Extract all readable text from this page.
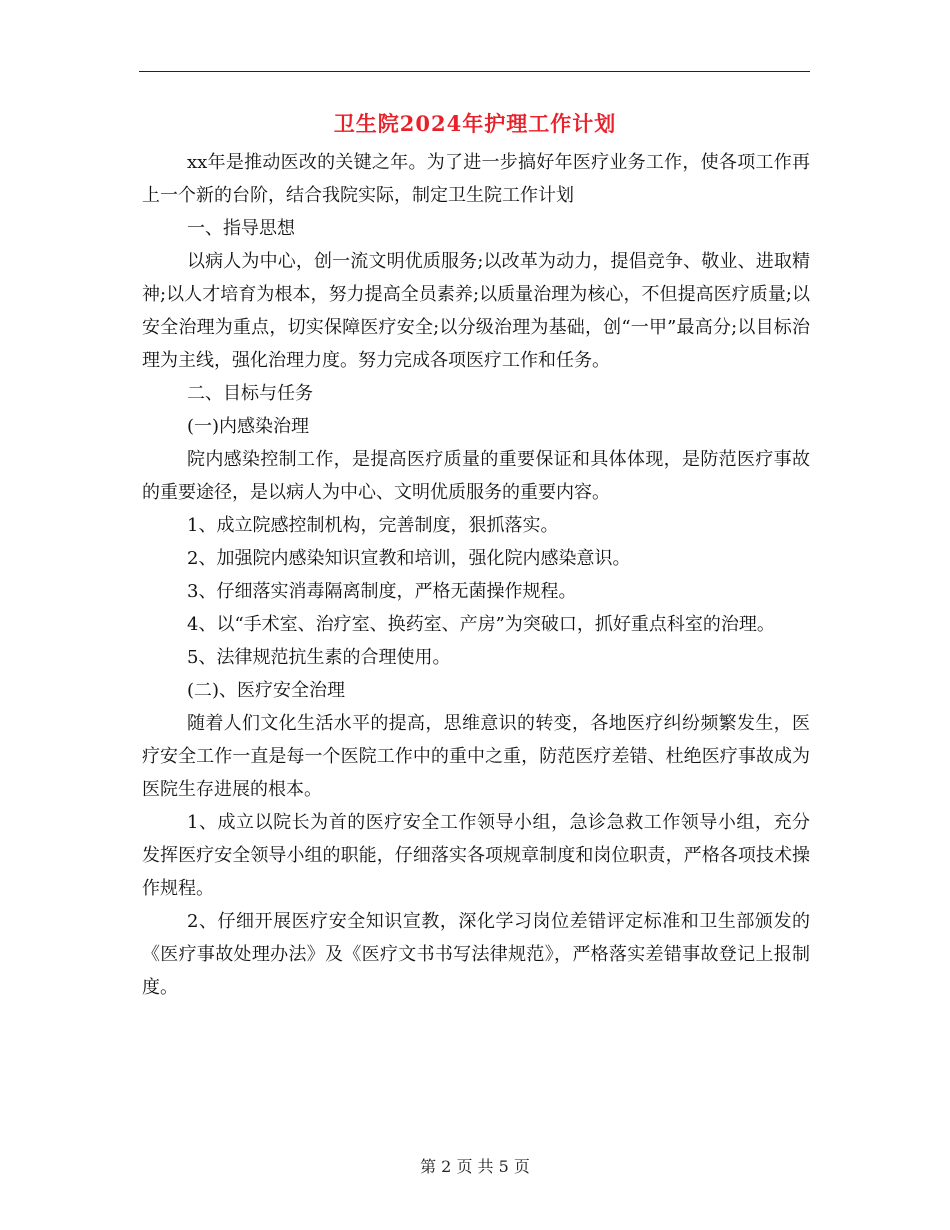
卫生院2024年护理工作计划

xx年是推动医改的关键之年。为了进一步搞好年医疗业务工作，使各项工作再上一个新的台阶，结合我院实际，制定卫生院工作计划

一、指导思想

以病人为中心，创一流文明优质服务;以改革为动力，提倡竞争、敬业、进取精神;以人才培育为根本，努力提高全员素养;以质量治理为核心，不但提高医疗质量;以安全治理为重点，切实保障医疗安全;以分级治理为基础，创“一甲”最高分;以目标治理为主线，强化治理力度。努力完成各项医疗工作和任务。

二、目标与任务

(一)内感染治理

院内感染控制工作，是提高医疗质量的重要保证和具体体现，是防范医疗事故的重要途径，是以病人为中心、文明优质服务的重要内容。

1、成立院感控制机构，完善制度，狠抓落实。

2、加强院内感染知识宣教和培训，强化院内感染意识。

3、仔细落实消毒隔离制度，严格无菌操作规程。

4、以“手术室、治疗室、换药室、产房”为突破口，抓好重点科室的治理。

5、法律规范抗生素的合理使用。

(二)、医疗安全治理

随着人们文化生活水平的提高，思维意识的转变，各地医疗纠纷频繁发生，医疗安全工作一直是每一个医院工作中的重中之重，防范医疗差错、杜绝医疗事故成为医院生存进展的根本。

1、成立以院长为首的医疗安全工作领导小组，急诊急救工作领导小组，充分发挥医疗安全领导小组的职能，仔细落实各项规章制度和岗位职责，严格各项技术操作规程。

2、仔细开展医疗安全知识宣教，深化学习岗位差错评定标准和卫生部颁发的《医疗事故处理办法》及《医疗文书书写法律规范》，严格落实差错事故登记上报制度。

第 2 页 共 5 页
